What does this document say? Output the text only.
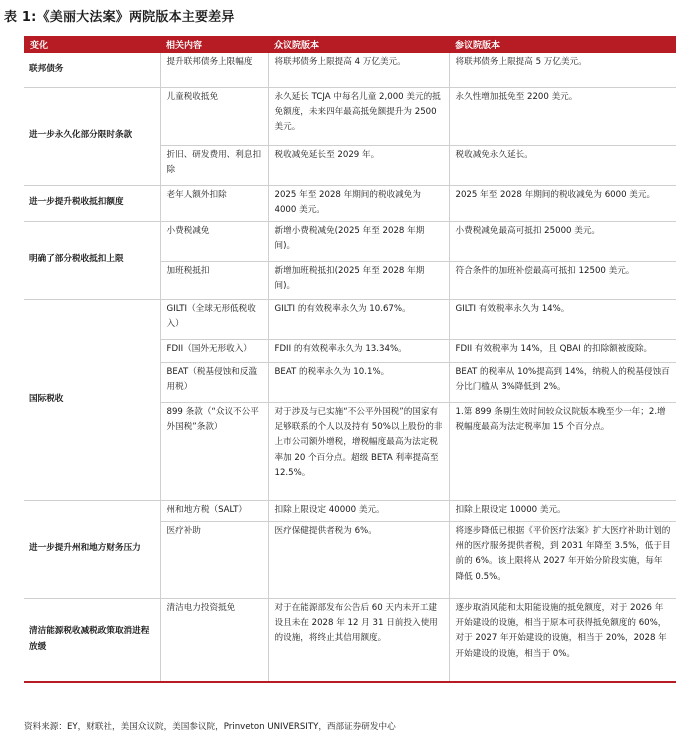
表 1:《美丽大法案》两院版本主要差异
变化	相关内容	众议院版本	参议院版本
联邦债务	提升联邦债务上限幅度	将联邦债务上限提高 4 万亿美元。	将联邦债务上限提高 5 万亿美元。
进一步永久化部分限时条款	儿童税收抵免	永久延长 TCJA 中每名儿童 2,000 美元的抵免额度，未来四年最高抵免额提升为 2500 美元。	永久性增加抵免至 2200 美元。
	折旧、研发费用、利息扣除	税收减免延长至 2029 年。	税收减免永久延长。
进一步提升税收抵扣额度	老年人额外扣除	2025 年至 2028 年期间的税收减免为 4000 美元。	2025 年至 2028 年期间的税收减免为 6000 美元。
明确了部分税收抵扣上限	小费税减免	新增小费税减免(2025 年至 2028 年期间)。	小费税减免最高可抵扣 25000 美元。
	加班税抵扣	新增加班税抵扣(2025 年至 2028 年期间)。	符合条件的加班补偿最高可抵扣 12500 美元。
国际税收	GILTI（全球无形低税收入）	GILTI 的有效税率永久为 10.67%。	GILTI 有效税率永久为 14%。
	FDII（国外无形收入）	FDII 的有效税率永久为 13.34%。	FDII 有效税率为 14%，且 QBAI 的扣除额被废除。
	BEAT（税基侵蚀和反滥用税）	BEAT 的税率永久为 10.1%。	BEAT 的税率从 10%提高到 14%，纳税人的税基侵蚀百分比门槛从 3%降低到 2%。
	899 条款（“众议不公平外国税”条款）	对于涉及与已实施“不公平外国税”的国家有足够联系的个人以及持有 50%以上股份的非上市公司额外增税，增税幅度最高为法定税率加 20 个百分点。超级 BETA 利率提高至 12.5%。	1.第 899 条剔生效时间较众议院版本晚至少一年；2.增税幅度最高为法定税率加 15 个百分点。
进一步提升州和地方财务压力	州和地方税（SALT）	扣除上限设定 40000 美元。	扣除上限设定 10000 美元。
	医疗补助	医疗保健提供者税为 6%。	将逐步降低已根据《平价医疗法案》扩大医疗补助计划的州的医疗服务提供者税，到 2031 年降至 3.5%，低于目前的 6%。该上限将从 2027 年开始分阶段实施，每年降低 0.5%。
清洁能源税收减税政策取消进程放缓	清洁电力投资抵免	对于在能源部发布公告后 60 天内未开工建设且未在 2028 年 12 月 31 日前投入使用的设施，将终止其信用额度。	逐步取消风能和太阳能设施的抵免额度，对于 2026 年开始建设的设施，相当于原本可获得抵免额度的 60%，对于 2027 年开始建设的设施，相当于 20%，2028 年开始建设的设施，相当于 0%。
资料来源：EY，财联社，美国众议院，美国参议院，Prinveton UNIVERSITY，西部证券研发中心
